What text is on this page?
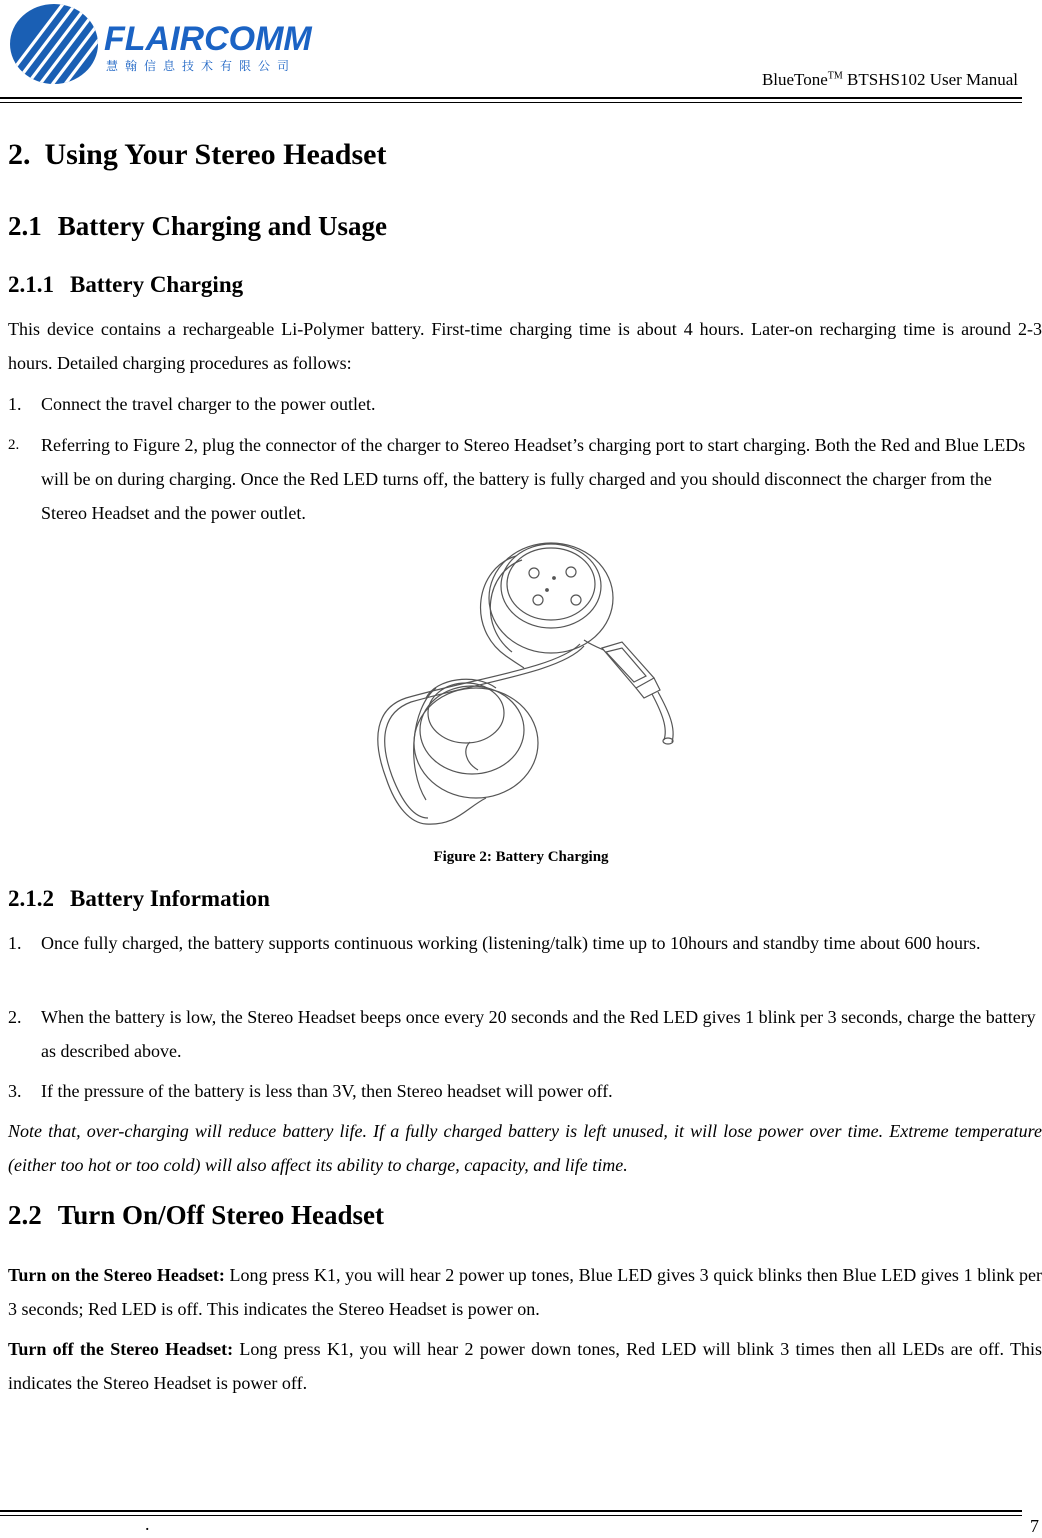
FLAIRCOMM
慧翰信息技术有限公司
BlueTone™ BTSHS102 User Manual
2. Using Your Stereo Headset
2.1 Battery Charging and Usage
2.1.1 Battery Charging
This device contains a rechargeable Li-Polymer battery. First-time charging time is about 4 hours. Later-on recharging time is around 2-3 hours. Detailed charging procedures as follows:
1.	Connect the travel charger to the power outlet.
2.	Referring to Figure 2, plug the connector of the charger to Stereo Headset’s charging port to start charging. Both the Red and Blue LEDs will be on during charging. Once the Red LED turns off, the battery is fully charged and you should disconnect the charger from the Stereo Headset and the power outlet.
Figure 2: Battery Charging
2.1.2 Battery Information
1.	Once fully charged, the battery supports continuous working (listening/talk) time up to 10hours and standby time about 600 hours.
2.	When the battery is low, the Stereo Headset beeps once every 20 seconds and the Red LED gives 1 blink per 3 seconds, charge the battery as described above.
3.	If the pressure of the battery is less than 3V, then Stereo headset will power off.
Note that, over-charging will reduce battery life. If a fully charged battery is left unused, it will lose power over time. Extreme temperature (either too hot or too cold) will also affect its ability to charge, capacity, and life time.
2.2 Turn On/Off Stereo Headset
Turn on the Stereo Headset: Long press K1, you will hear 2 power up tones, Blue LED gives 3 quick blinks then Blue LED gives 1 blink per 3 seconds; Red LED is off. This indicates the Stereo Headset is power on.
Turn off the Stereo Headset: Long press K1, you will hear 2 power down tones, Red LED will blink 3 times then all LEDs are off. This indicates the Stereo Headset is power off.
.	7
